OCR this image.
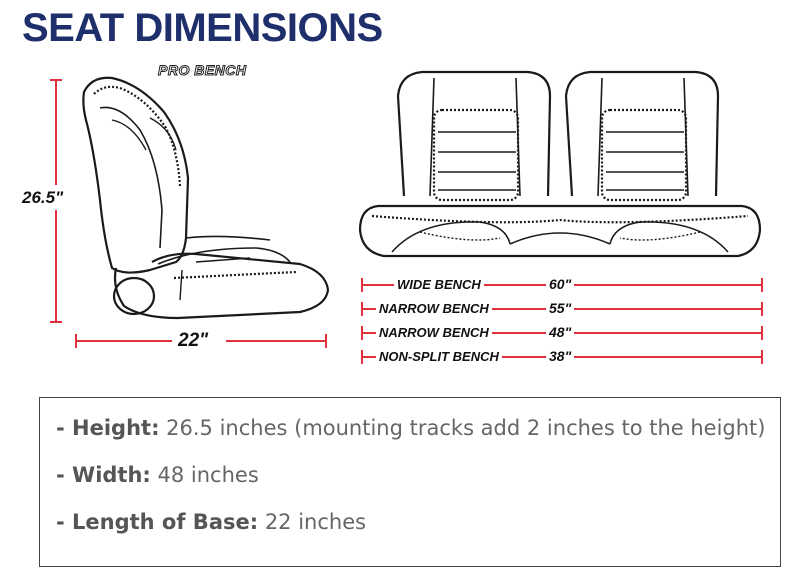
SEAT DIMENSIONS
PRO BENCH
26.5"
22"
WIDE BENCH	60"
NARROW BENCH	55"
NARROW BENCH	48"
NON-SPLIT BENCH	38"
- Height: 26.5 inches (mounting tracks add 2 inches to the height)
- Width: 48 inches
- Length of Base: 22 inches
